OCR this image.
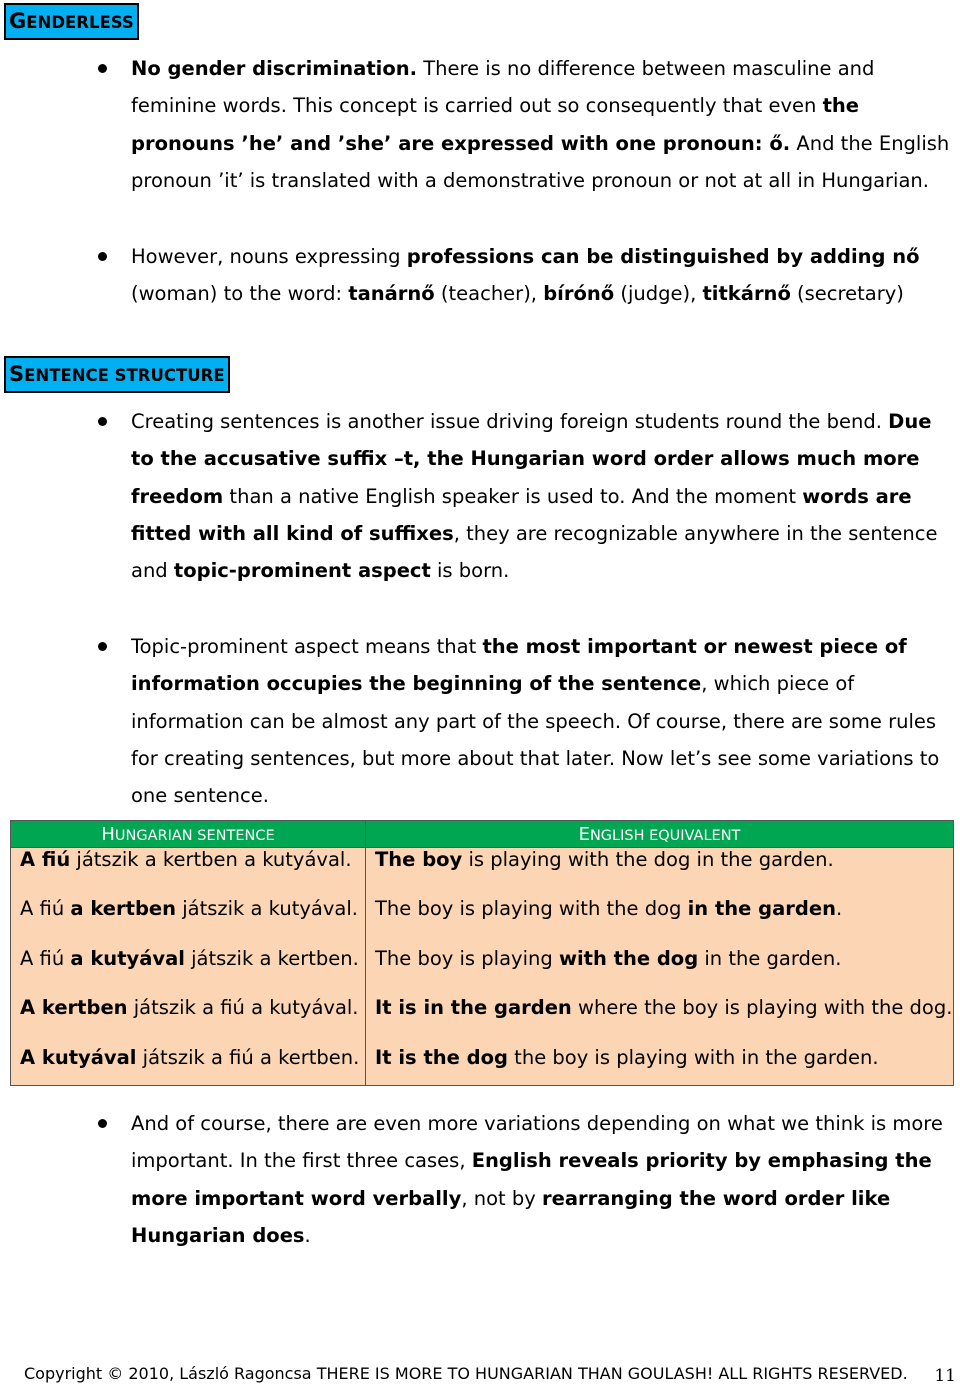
GENDERLESS

No gender discrimination. There is no difference between masculine and feminine words. This concept is carried out so consequently that even the pronouns ’he’ and ’she’ are expressed with one pronoun: ő. And the English pronoun ’it’ is translated with a demonstrative pronoun or not at all in Hungarian.

However, nouns expressing professions can be distinguished by adding nő (woman) to the word: tanárnő (teacher), bírónő (judge), titkárnő (secretary)

SENTENCE STRUCTURE

Creating sentences is another issue driving foreign students round the bend. Due to the accusative suffix –t, the Hungarian word order allows much more freedom than a native English speaker is used to. And the moment words are fitted with all kind of suffixes, they are recognizable anywhere in the sentence and topic-prominent aspect is born.

Topic-prominent aspect means that the most important or newest piece of information occupies the beginning of the sentence, which piece of information can be almost any part of the speech. Of course, there are some rules for creating sentences, but more about that later. Now let’s see some variations to one sentence.

HUNGARIAN SENTENCE	ENGLISH EQUIVALENT
A fiú játszik a kertben a kutyával.	The boy is playing with the dog in the garden.
A fiú a kertben játszik a kutyával.	The boy is playing with the dog in the garden.
A fiú a kutyával játszik a kertben.	The boy is playing with the dog in the garden.
A kertben játszik a fiú a kutyával.	It is in the garden where the boy is playing with the dog.
A kutyával játszik a fiú a kertben.	It is the dog the boy is playing with in the garden.

And of course, there are even more variations depending on what we think is more important. In the first three cases, English reveals priority by emphasing the more important word verbally, not by rearranging the word order like Hungarian does.

Copyright © 2010, László Ragoncsa THERE IS MORE TO HUNGARIAN THAN GOULASH! ALL RIGHTS RESERVED. 11
